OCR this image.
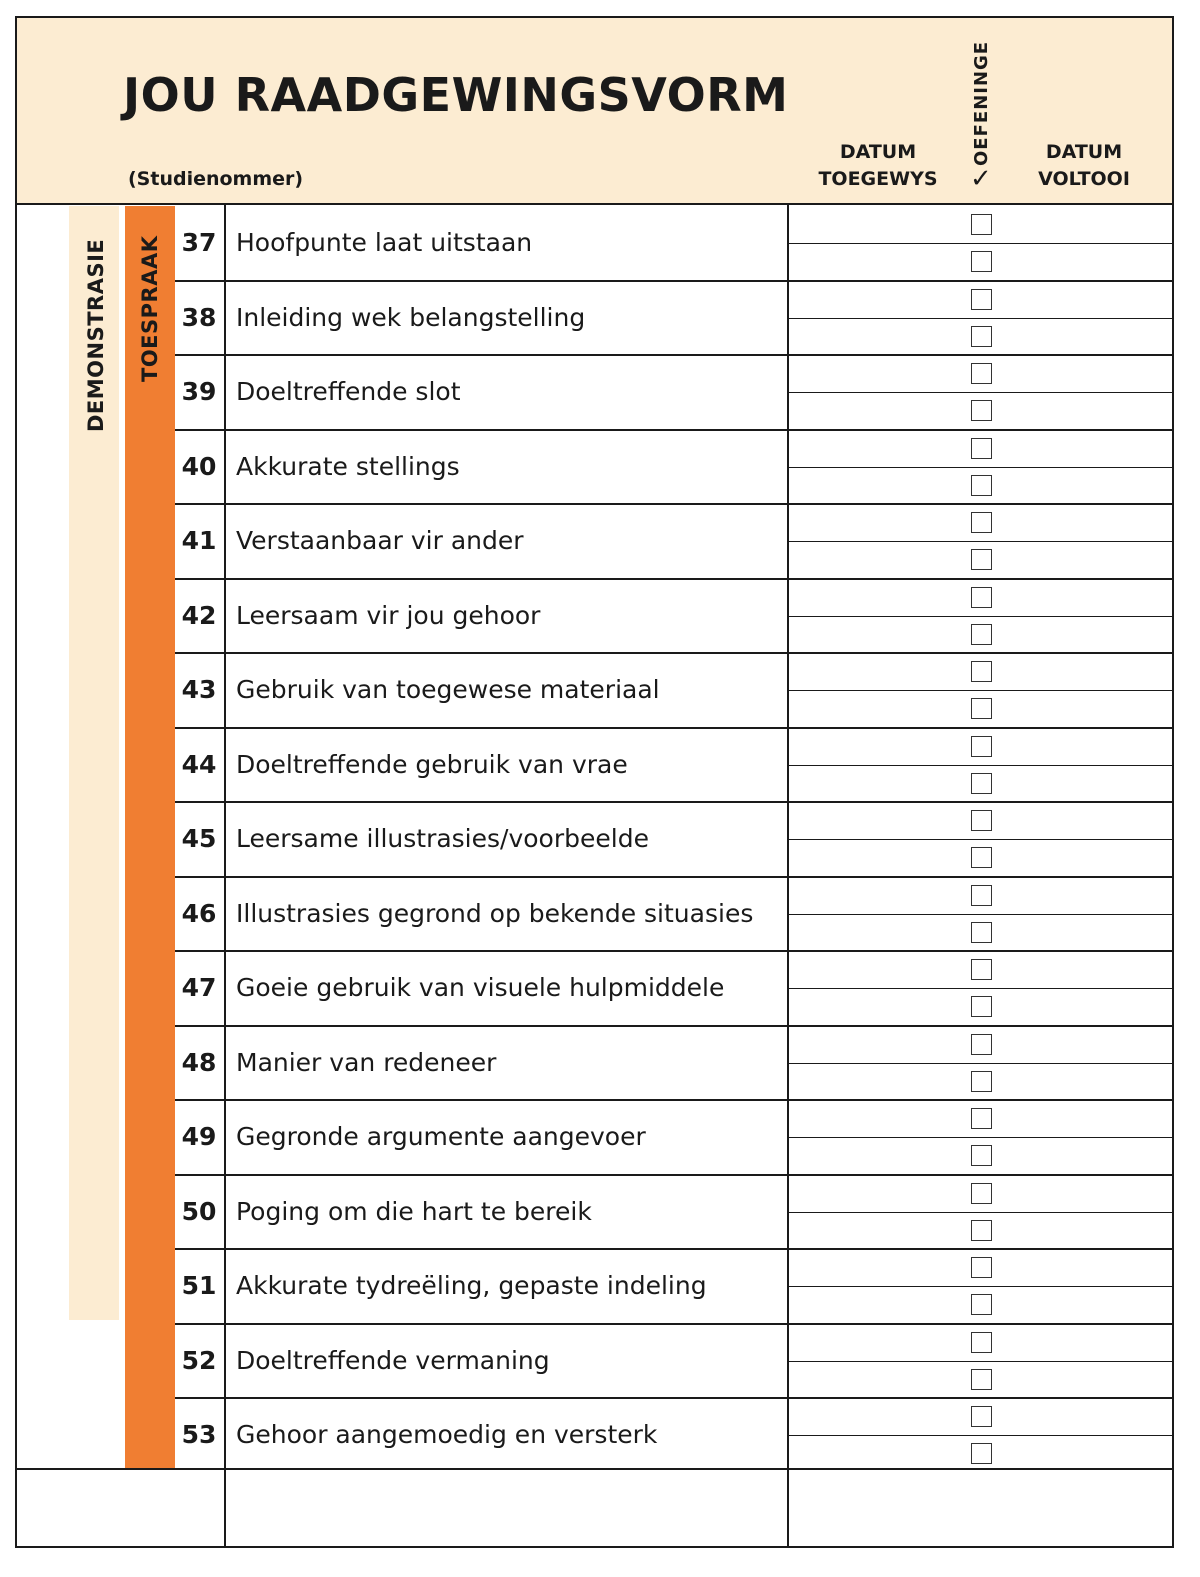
JOU RAADGEWINGSVORM
(Studienommer)
DATUM
TOEGEWYS
OEFENINGE
✓
DATUM
VOLTOOI
DEMONSTRASIE TOESPRAAK 37 Hoofpunte laat uitstaan
38 Inleiding wek belangstelling
39 Doeltreffende slot
40 Akkurate stellings
41 Verstaanbaar vir ander
42 Leersaam vir jou gehoor
43 Gebruik van toegewese materiaal
44 Doeltreffende gebruik van vrae
45 Leersame illustrasies/voorbeelde
46 Illustrasies gegrond op bekende situasies
47 Goeie gebruik van visuele hulpmiddele
48 Manier van redeneer
49 Gegronde argumente aangevoer
50 Poging om die hart te bereik
51 Akkurate tydreëling, gepaste indeling
52 Doeltreffende vermaning
53 Gehoor aangemoedig en versterk
